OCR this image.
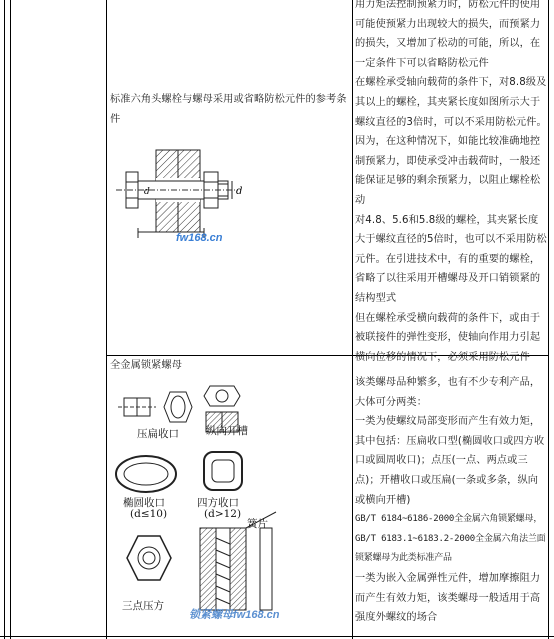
标准六角头螺栓与螺母采用或省略防松元件的参考条件
d
d
fw168.cn
用力矩法控制预紧力时，防松元件的使用可能使预紧力出现较大的损失，而预紧力的损失，又增加了松动的可能，所以，在一定条件下可以省略防松元件
在螺栓承受轴向载荷的条件下，对8.8级及其以上的螺栓，其夹紧长度如图所示大于螺纹直径的3倍时，可以不采用防松元件。因为，在这种情况下，如能比较准确地控制预紧力，即使承受冲击载荷时，一般还能保证足够的剩余预紧力，以阻止螺栓松动
对4.8、5.6和5.8级的螺栓，其夹紧长度大于螺纹直径的5倍时，也可以不采用防松元件。在引进技术中，有的重要的螺栓，省略了以往采用开槽螺母及开口销锁紧的结构型式
但在螺栓承受横向载荷的条件下，或由于被联接件的弹性变形，使轴向作用力引起横向位移的情况下，必须采用防松元件
全金属锁紧螺母
压扁收口	纵向开槽
椭圆收口
(d≤10)
四方收口
(d>12)
簧片
三点压方
锁紧螺母fw168.cn
该类螺母品种繁多，也有不少专利产品，大体可分两类：
一类为使螺纹局部变形而产生有效力矩，其中包括：压扁收口型(椭圆收口或四方收口或圆周收口)；点压(一点、两点或三点)；开槽收口或压扁(一条或多条，纵向或横向开槽)
GB/T 6184~6186-2000全金属六角锁紧螺母，GB/T 6183.1~6183.2-2000全金属六角法兰面锁紧螺母为此类标准产品
一类为嵌入金属弹性元件，增加摩擦阻力而产生有效力矩，该类螺母一般适用于高强度外螺纹的场合
